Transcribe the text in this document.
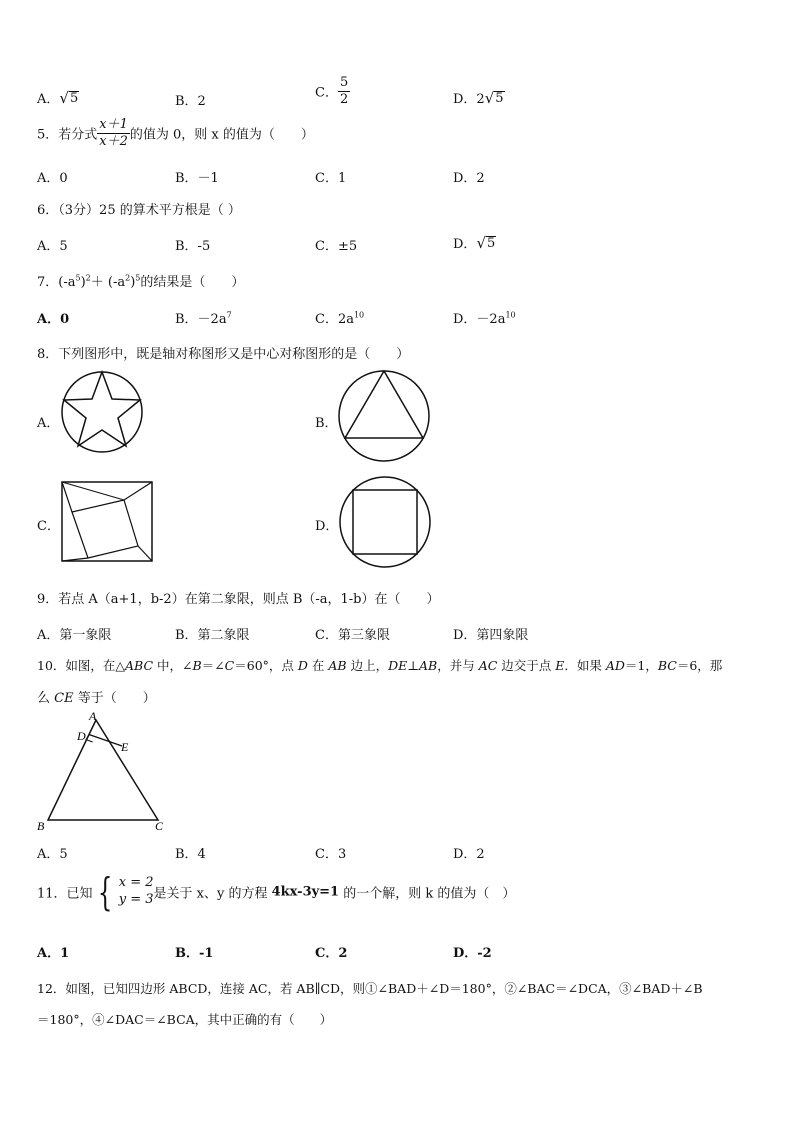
A． √ 5	B．2
C． $\frac{5}{2}$	D．2 √ 5
5．若分式 $\frac{x+1}{x+2}$ 的值为 0，则 x 的值为（　　）
A．0	B．－1	C．1	D．2
6．（3分）25 的算术平方根是（ ）
A．5	B．-5	C．±5	D． √ 5
7．$(-a^5)^2+ (-a^2)^5$的结果是（　　）
A．0	B．$-2a^7$	C．$2a^{10}$	D．$-2a^{10}$
8．下列图形中，既是轴对称图形又是中心对称图形的是（　　）
A．	B．
C．	D．
9．若点 A（a+1，b-2）在第二象限，则点 B（-a，1-b）在（　　）
A．第一象限	B．第二象限	C．第三象限	D．第四象限
10．如图，在△ABC 中，∠B＝∠C＝60°，点 D 在 AB 边上，DE⊥AB，并与 AC 边交于点 E．如果 AD＝1，BC＝6，那
么 CE 等于（　　）
A
D
E
B	C
A．5	B．4	C．3	D．2
11．已知 { x = 2
y = 3 是关于 x、y 的方程 4kx-3y=1 的一个解，则 k 的值为（　）
A．1	B．-1	C．2	D．-2
12．如图，已知四边形 ABCD，连接 AC，若 AB∥CD，则①∠BAD＋∠D＝180°，②∠BAC＝∠DCA，③∠BAD＋∠B
＝180°，④∠DAC＝∠BCA，其中正确的有（　　）
